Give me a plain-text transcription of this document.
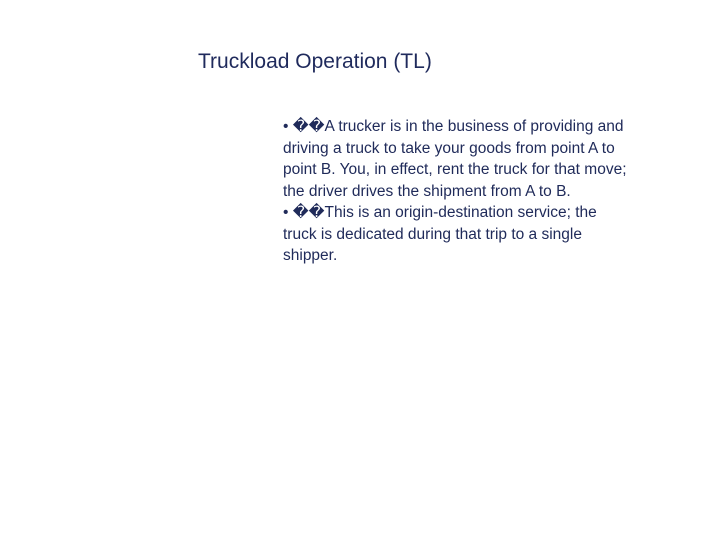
Truckload Operation (TL)

• ��A trucker is in the business of providing and driving a truck to take your goods from point A to point B. You, in effect, rent the truck for that move; the driver drives the shipment from A to B.

• ��This is an origin-destination service; the truck is dedicated during that trip to a single shipper.
